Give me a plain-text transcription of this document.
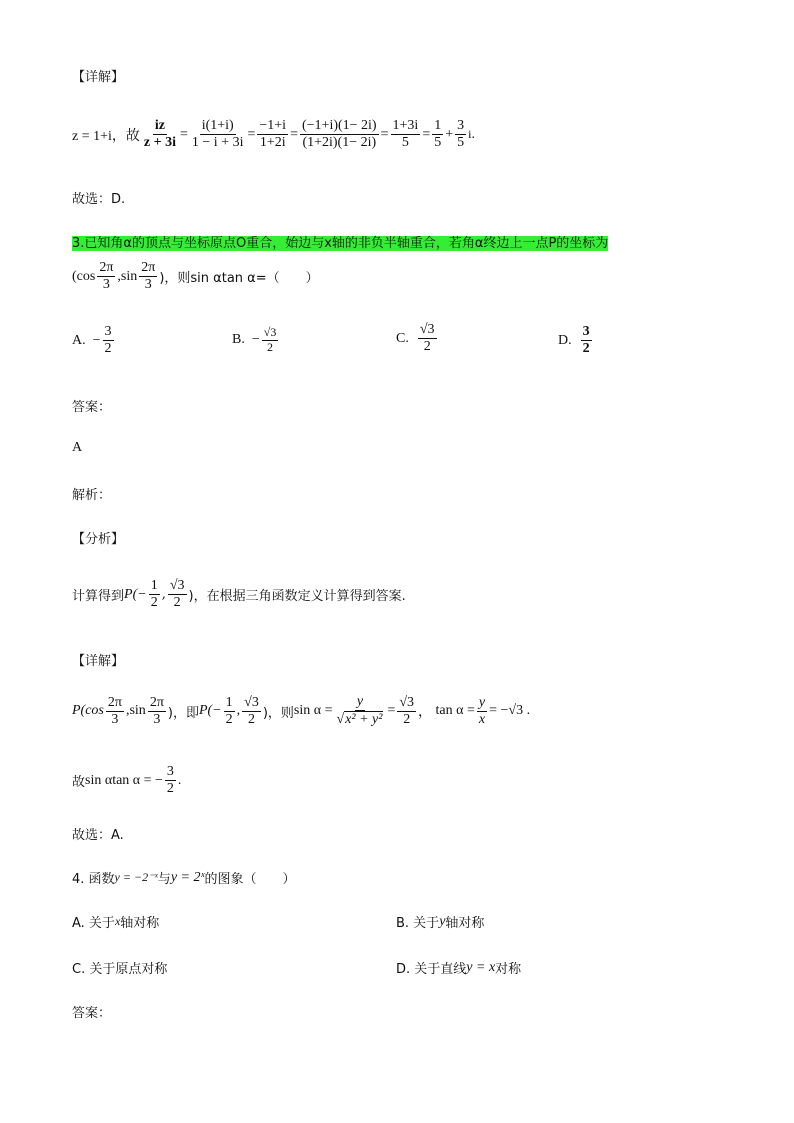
【详解】
z = 1+i，故 $\frac{iz}{z + 3i} = \frac{i(1+i)}{1 - i + 3i} = \frac{-1+i}{1+2i} = \frac{(-1+i)(1- 2i)}{(1+2i)(1- 2i)} = \frac{1+3i}{5} = \frac{1}{5} + \frac{3}{5}$ i .
故选：D.
3.已知角α的顶点与坐标原点O重合，始边与x轴的非负半轴重合，若角α终边上一点P的坐标为
($\cos \frac{2\pi}{3} ,\sin \frac{2\pi}{3}$ )，则sin αtan α=（　　）
A.
− $\frac{3}{2}$	B.
− $\frac{√3}{2}$	C.
$\frac{√3}{2}$	D.
$\frac{3}{2}$
答案：
A
解析：
【分析】
计算得到 $P(- \frac{1}{2}$ , $\frac{√3}{2}$ )，在根据三角函数定义计算得到答案.
【详解】
$P(\cos \frac{2\pi}{3} ,\sin \frac{2\pi}{3}$ )，即 $P(- \frac{1}{2}$ , $\frac{√3}{2}$ )，则 $\sin \alpha = \frac{y}{\text{√x² + y²}} = \frac{√3}{2}$ ， $\tan \alpha = \frac{y}{x} = -√3$ .
故 sin αtan α = − $\frac{3}{2}$ .
故选：A.
4. 函数 y = −2⁻ˣ 与 y = 2ˣ 的图象（　　）
A. 关于 x 轴对称	B. 关于 y 轴对称
C. 关于原点对称	D. 关于直线 y = x 对称
答案：
